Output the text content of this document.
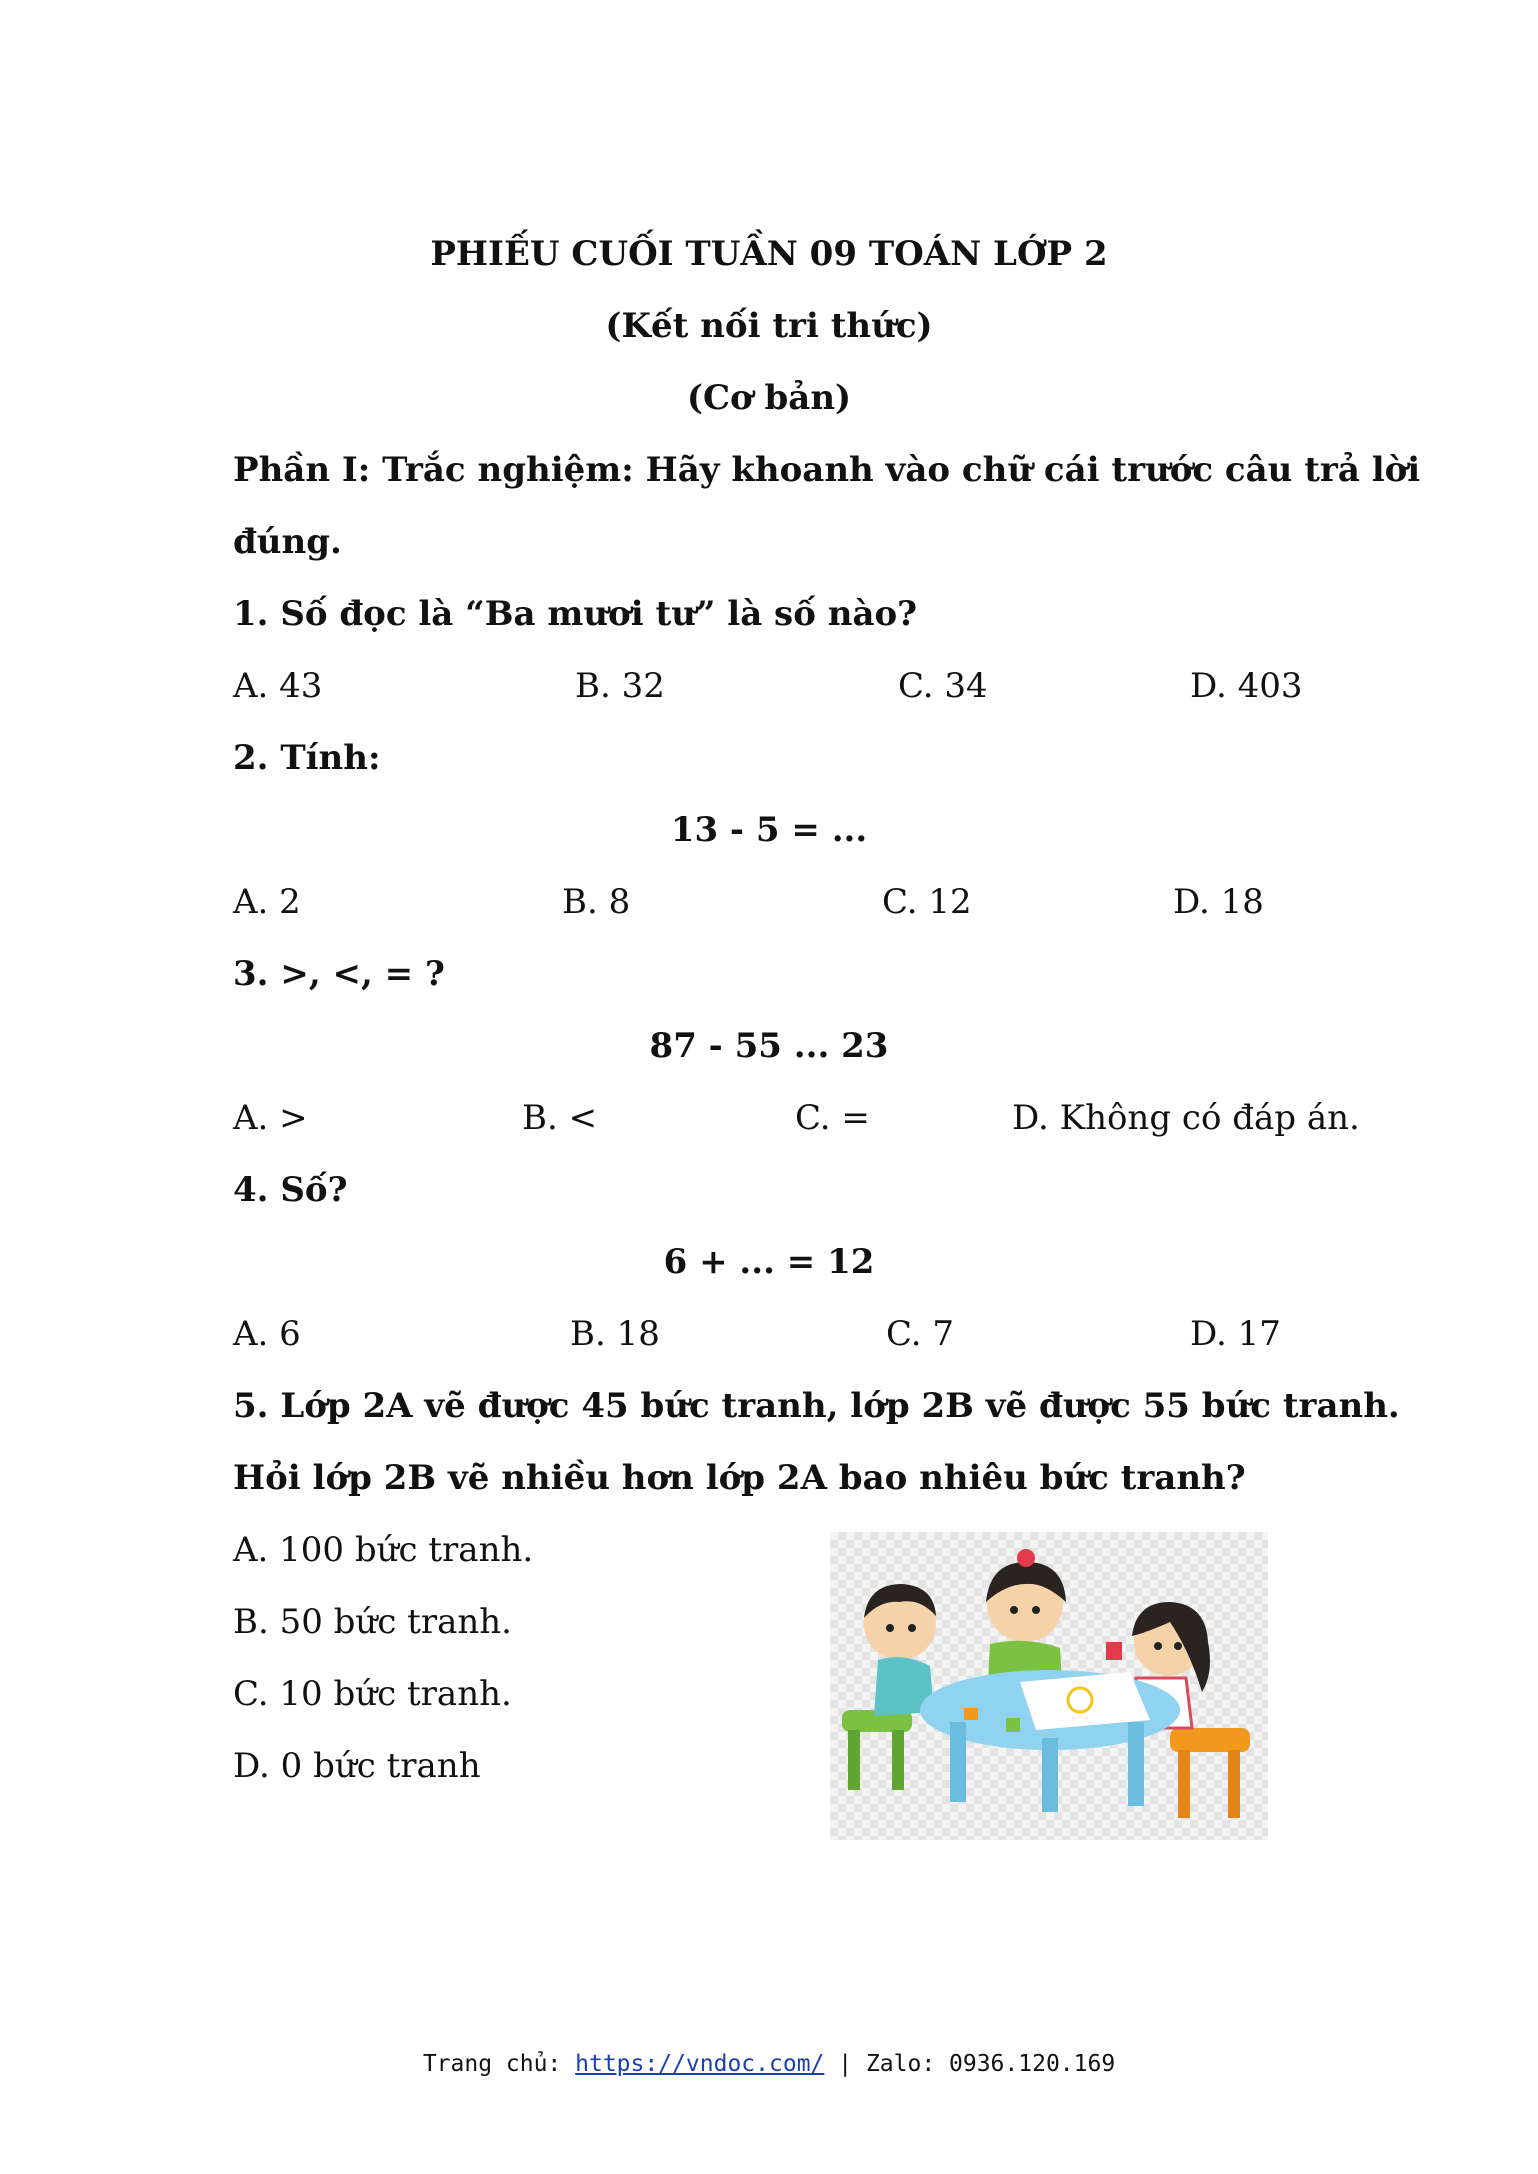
PHIẾU CUỐI TUẦN 09 TOÁN LỚP 2
(Kết nối tri thức)
(Cơ bản)
Phần I: Trắc nghiệm: Hãy khoanh vào chữ cái trước câu trả lời
đúng.
1. Số đọc là “Ba mươi tư” là số nào?
A. 43	B. 32	C. 34	D. 403
2. Tính:
13 - 5 = ...
A. 2	B. 8	C. 12	D. 18
3. >, <, = ?
87 - 55 ... 23
A. >	B. <	C. =	D. Không có đáp án.
4. Số?
6 + ... = 12
A. 6	B. 18	C. 7	D. 17
5. Lớp 2A vẽ được 45 bức tranh, lớp 2B vẽ được 55 bức tranh.
Hỏi lớp 2B vẽ nhiều hơn lớp 2A bao nhiêu bức tranh?
A. 100 bức tranh.
B. 50 bức tranh.
C. 10 bức tranh.
D. 0 bức tranh
Trang chủ: https://vndoc.com/ | Zalo: 0936.120.169
